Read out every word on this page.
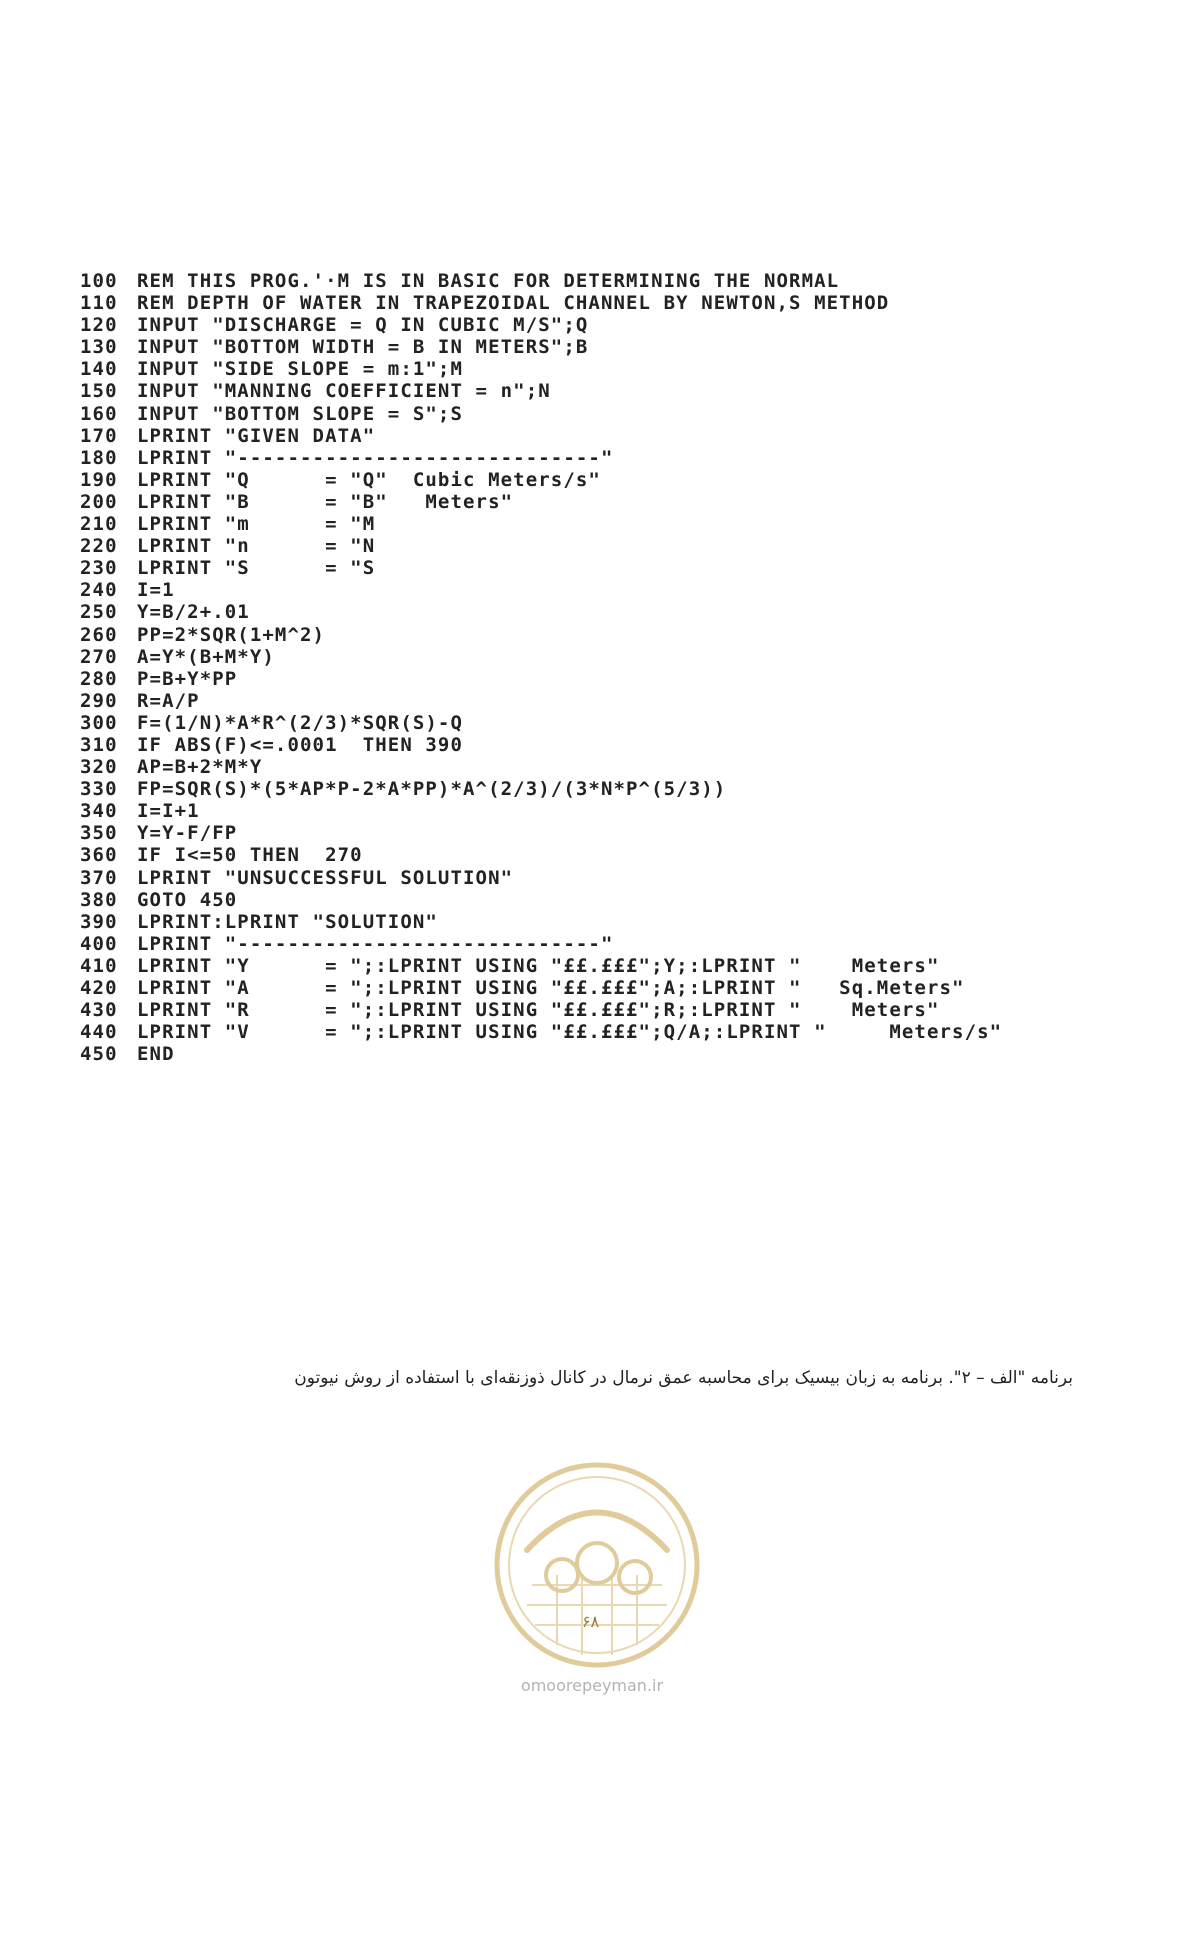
100	REM THIS PROG.'·M IS IN BASIC FOR DETERMINING THE NORMAL
110	REM DEPTH OF WATER IN TRAPEZOIDAL CHANNEL BY NEWTON,S METHOD
120	INPUT "DISCHARGE = Q IN CUBIC M/S";Q
130	INPUT "BOTTOM WIDTH = B IN METERS";B
140	INPUT "SIDE SLOPE = m:1";M
150	INPUT "MANNING COEFFICIENT = n";N
160	INPUT "BOTTOM SLOPE = S";S
170	LPRINT "GIVEN DATA"
180	LPRINT "-----------------------------"
190	LPRINT "Q      = "Q"  Cubic Meters/s"
200	LPRINT "B      = "B"   Meters"
210	LPRINT "m      = "M
220	LPRINT "n      = "N
230	LPRINT "S      = "S
240	I=1
250	Y=B/2+.01
260	PP=2*SQR(1+M^2)
270	A=Y*(B+M*Y)
280	P=B+Y*PP
290	R=A/P
300	F=(1/N)*A*R^(2/3)*SQR(S)-Q
310	IF ABS(F)<=.0001  THEN 390
320	AP=B+2*M*Y
330	FP=SQR(S)*(5*AP*P-2*A*PP)*A^(2/3)/(3*N*P^(5/3))
340	I=I+1
350	Y=Y-F/FP
360	IF I<=50 THEN  270
370	LPRINT "UNSUCCESSFUL SOLUTION"
380	GOTO 450
390	LPRINT:LPRINT "SOLUTION"
400	LPRINT "-----------------------------"
410	LPRINT "Y      = ";:LPRINT USING "££.£££";Y;:LPRINT "    Meters"
420	LPRINT "A      = ";:LPRINT USING "££.£££";A;:LPRINT "   Sq.Meters"
430	LPRINT "R      = ";:LPRINT USING "££.£££";R;:LPRINT "    Meters"
440	LPRINT "V      = ";:LPRINT USING "££.£££";Q/A;:LPRINT "     Meters/s"
450	END
برنامه "الف – ۲". برنامه به زبان بیسیک برای محاسبه عمق نرمال در کانال ذوزنقه‌ای با استفاده از روش نیوتون
۶۸
omoorepeyman.ir
